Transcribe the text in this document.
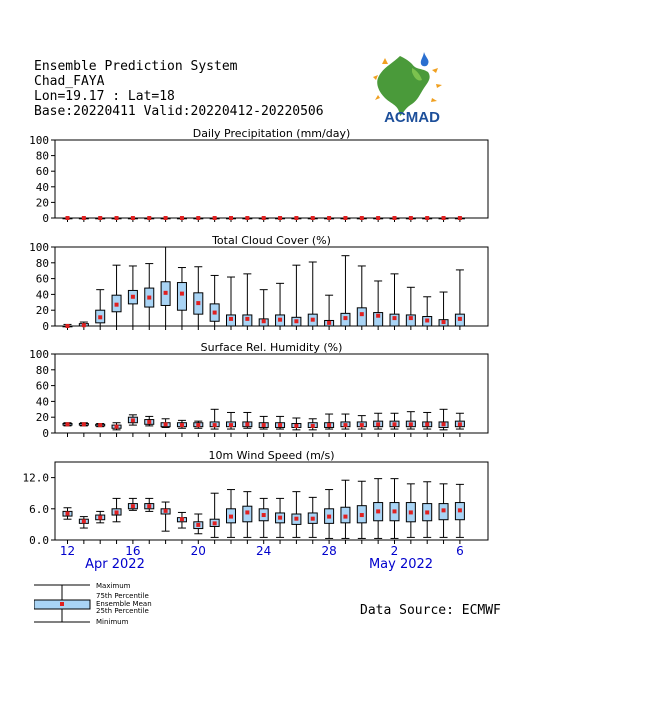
Ensemble Prediction System
Chad_FAYA
Lon=19.17 : Lat=18
Base:20220411 Valid:20220412-20220506	ACMAD
Daily Precipitation (mm/day)
0
20
40
60
80
100
Total Cloud Cover (%)
0
20
40
60
80
100
Surface Rel. Humidity (%)
0
20
40
60
80
100
10m Wind Speed (m/s)
0.0
6.0
12.0
12	16	20	24	28	2	6
Apr 2022	May 2022
Maximum
75th Percentile
Ensemble Mean
25th Percentile
Minimum
Data Source: ECMWF
